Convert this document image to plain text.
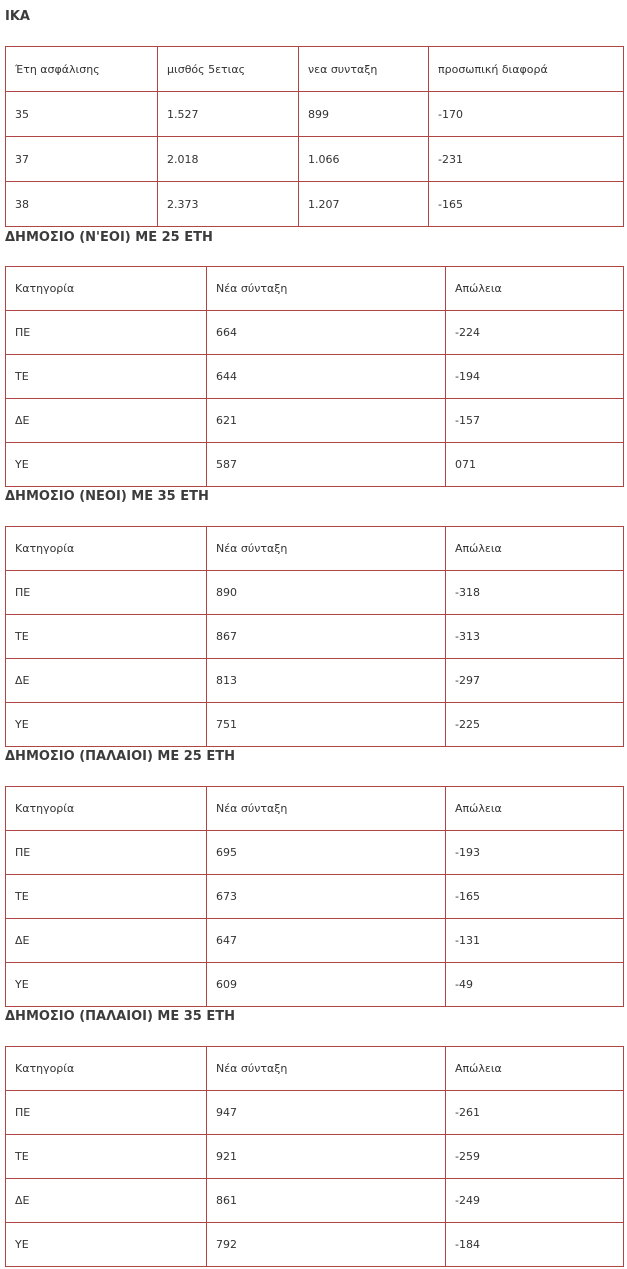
ΙΚΑ
Έτη ασφάλισης	μισθός 5ετιας	νεα συνταξη	προσωπική διαφορά
35	1.527	899	-170
37	2.018	1.066	-231
38	2.373	1.207	-165
ΔΗΜΟΣΙΟ (Ν'ΕΟΙ) ΜΕ 25 ΕΤΗ
Κατηγορία	Νέα σύνταξη	Απώλεια
ΠΕ	664	-224
ΤΕ	644	-194
ΔΕ	621	-157
ΥΕ	587	071
ΔΗΜΟΣΙΟ (ΝΕΟΙ) ΜΕ 35 ΕΤΗ
Κατηγορία	Νέα σύνταξη	Απώλεια
ΠΕ	890	-318
ΤΕ	867	-313
ΔΕ	813	-297
ΥΕ	751	-225
ΔΗΜΟΣΙΟ (ΠΑΛΑΙΟΙ) ΜΕ 25 ΕΤΗ
Κατηγορία	Νέα σύνταξη	Απώλεια
ΠΕ	695	-193
ΤΕ	673	-165
ΔΕ	647	-131
ΥΕ	609	-49
ΔΗΜΟΣΙΟ (ΠΑΛΑΙΟΙ) ΜΕ 35 ΕΤΗ
Κατηγορία	Νέα σύνταξη	Απώλεια
ΠΕ	947	-261
ΤΕ	921	-259
ΔΕ	861	-249
ΥΕ	792	-184
